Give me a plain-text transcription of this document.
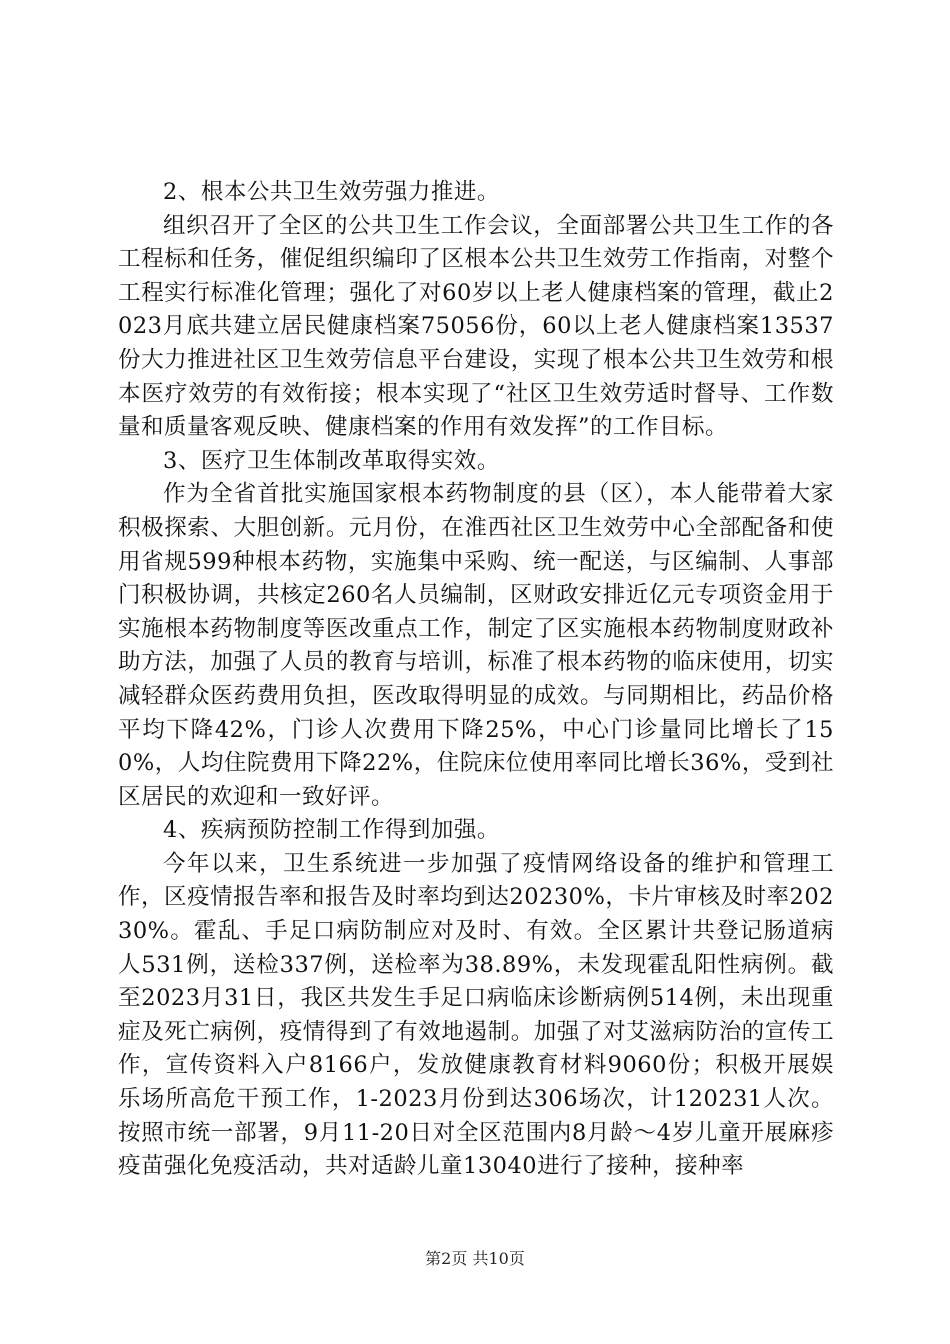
2、根本公共卫生效劳强力推进。

组织召开了全区的公共卫生工作会议，全面部署公共卫生工作的各工程标和任务，催促组织编印了区根本公共卫生效劳工作指南，对整个工程实行标准化管理；强化了对60岁以上老人健康档案的管理，截止2023月底共建立居民健康档案75056份，60以上老人健康档案13537份大力推进社区卫生效劳信息平台建设，实现了根本公共卫生效劳和根本医疗效劳的有效衔接；根本实现了“社区卫生效劳适时督导、工作数量和质量客观反映、健康档案的作用有效发挥”的工作目标。

3、医疗卫生体制改革取得实效。

作为全省首批实施国家根本药物制度的县（区），本人能带着大家积极探索、大胆创新。元月份，在淮西社区卫生效劳中心全部配备和使用省规599种根本药物，实施集中采购、统一配送，与区编制、人事部门积极协调，共核定260名人员编制，区财政安排近亿元专项资金用于实施根本药物制度等医改重点工作，制定了区实施根本药物制度财政补助方法，加强了人员的教育与培训，标准了根本药物的临床使用，切实减轻群众医药费用负担，医改取得明显的成效。与同期相比，药品价格平均下降42%，门诊人次费用下降25%，中心门诊量同比增长了150%，人均住院费用下降22%，住院床位使用率同比增长36%，受到社区居民的欢迎和一致好评。

4、疾病预防控制工作得到加强。

今年以来，卫生系统进一步加强了疫情网络设备的维护和管理工作，区疫情报告率和报告及时率均到达20230%，卡片审核及时率20230%。霍乱、手足口病防制应对及时、有效。全区累计共登记肠道病人531例，送检337例，送检率为38.89%，未发现霍乱阳性病例。截至2023月31日，我区共发生手足口病临床诊断病例514例，未出现重症及死亡病例，疫情得到了有效地遏制。加强了对艾滋病防治的宣传工作，宣传资料入户8166户，发放健康教育材料9060份；积极开展娱乐场所高危干预工作，1-2023月份到达306场次，计120231人次。按照市统一部署，9月11-20日对全区范围内8月龄～4岁儿童开展麻疹疫苗强化免疫活动，共对适龄儿童13040进行了接种，接种率

第2页 共10页
